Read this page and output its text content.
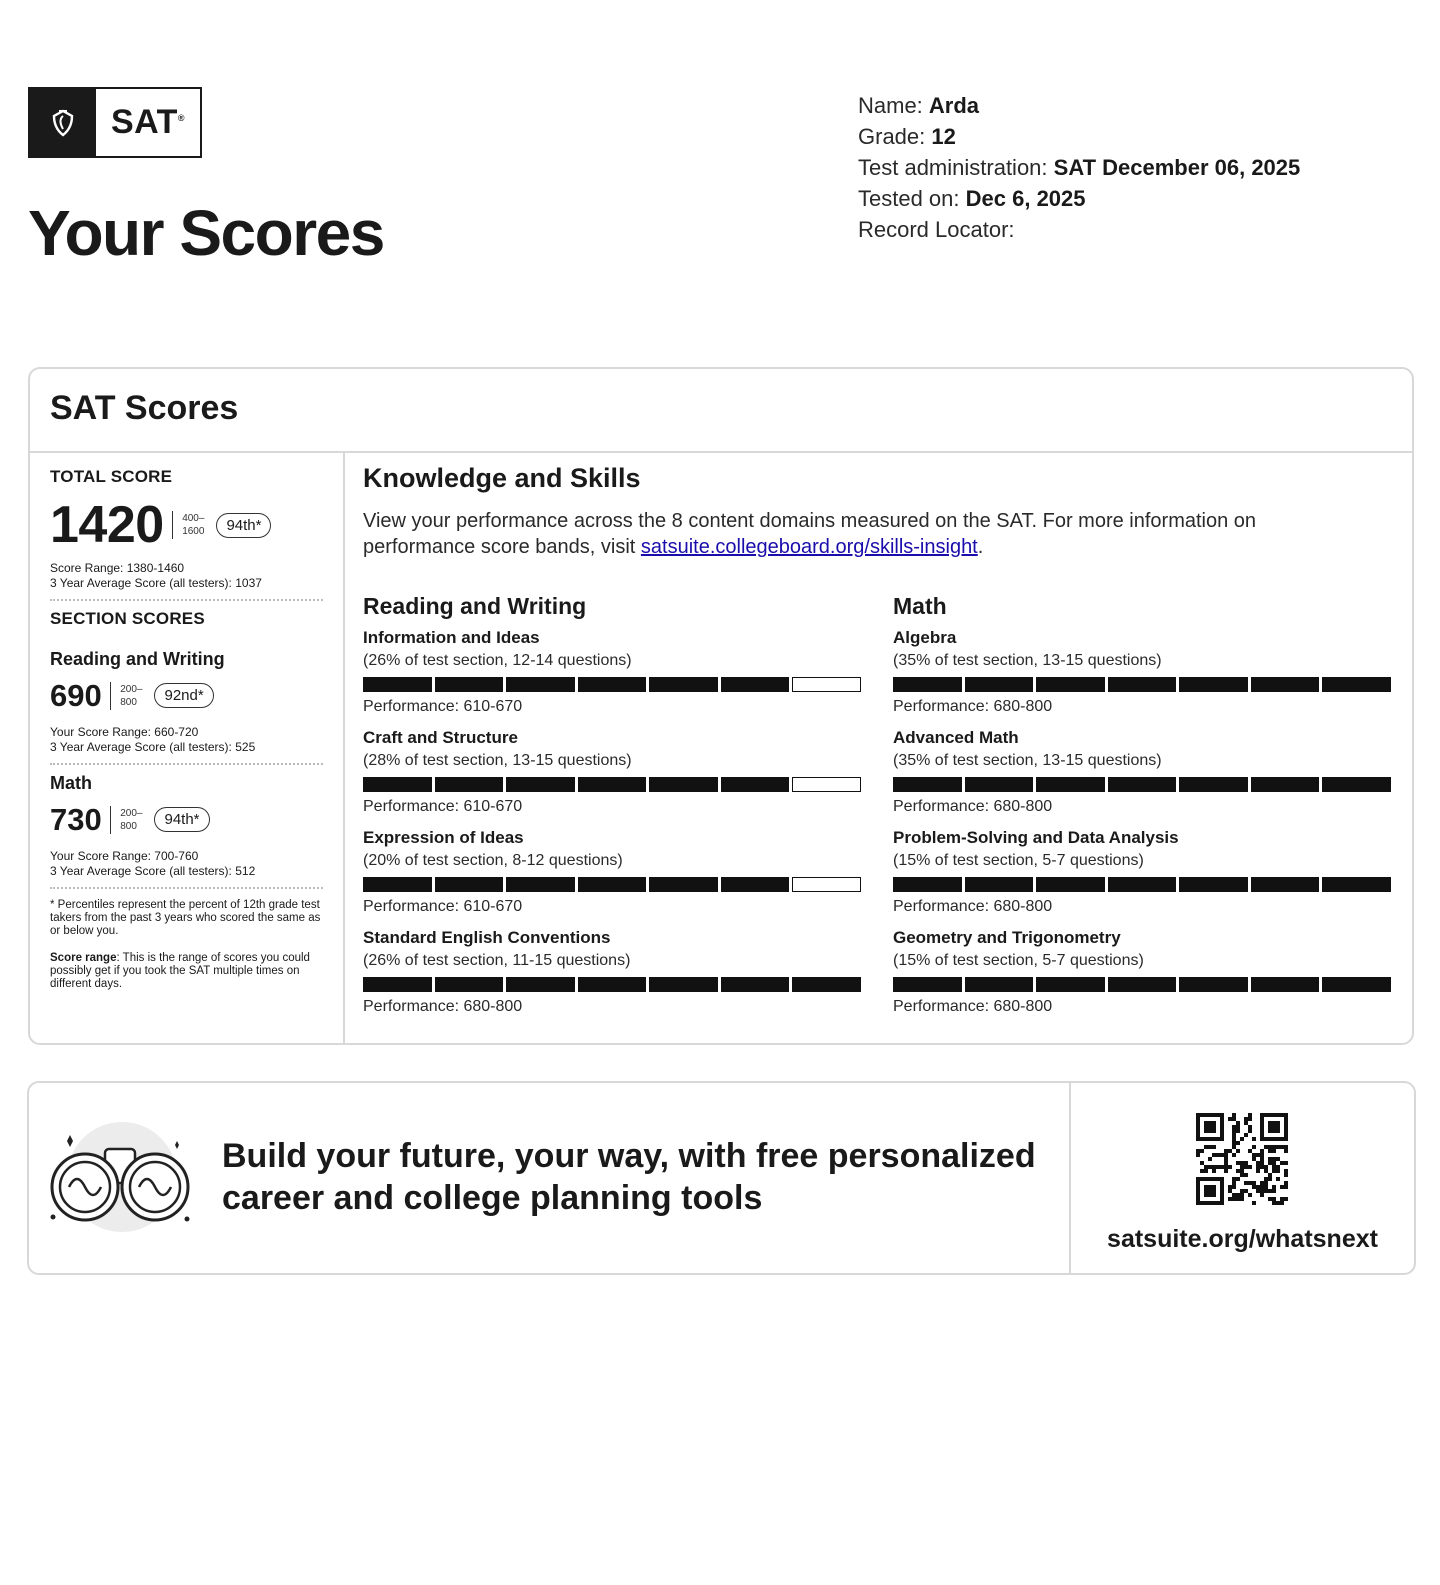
SAT ®
Your Scores
Name: Arda
Grade: 12
Test administration: SAT December 06, 2025
Tested on: Dec 6, 2025
Record Locator:
SAT Scores
TOTAL SCORE
1420 400–
1600	94th*
Score Range: 1380-1460
3 Year Average Score (all testers): 1037
SECTION SCORES
Reading and Writing
690 200–
800	92nd*
Your Score Range: 660-720
3 Year Average Score (all testers): 525
Math
730 200–
800	94th*
Your Score Range: 700-760
3 Year Average Score (all testers): 512
* Percentiles represent the percent of 12th grade test takers from the past 3 years who scored the same as or below you.
Score range: This is the range of scores you could possibly get if you took the SAT multiple times on different days.
Knowledge and Skills
View your performance across the 8 content domains measured on the SAT. For more information on performance score bands, visit satsuite.collegeboard.org/skills-insight.
Reading and Writing
Information and Ideas
(26% of test section, 12-14 questions)
Performance: 610-670
Craft and Structure
(28% of test section, 13-15 questions)
Performance: 610-670
Expression of Ideas
(20% of test section, 8-12 questions)
Performance: 610-670
Standard English Conventions
(26% of test section, 11-15 questions)
Performance: 680-800
Math
Algebra
(35% of test section, 13-15 questions)
Performance: 680-800
Advanced Math
(35% of test section, 13-15 questions)
Performance: 680-800
Problem-Solving and Data Analysis
(15% of test section, 5-7 questions)
Performance: 680-800
Geometry and Trigonometry
(15% of test section, 5-7 questions)
Performance: 680-800
Build your future, your way, with free personalized
career and college planning tools
satsuite.org/whatsnext
